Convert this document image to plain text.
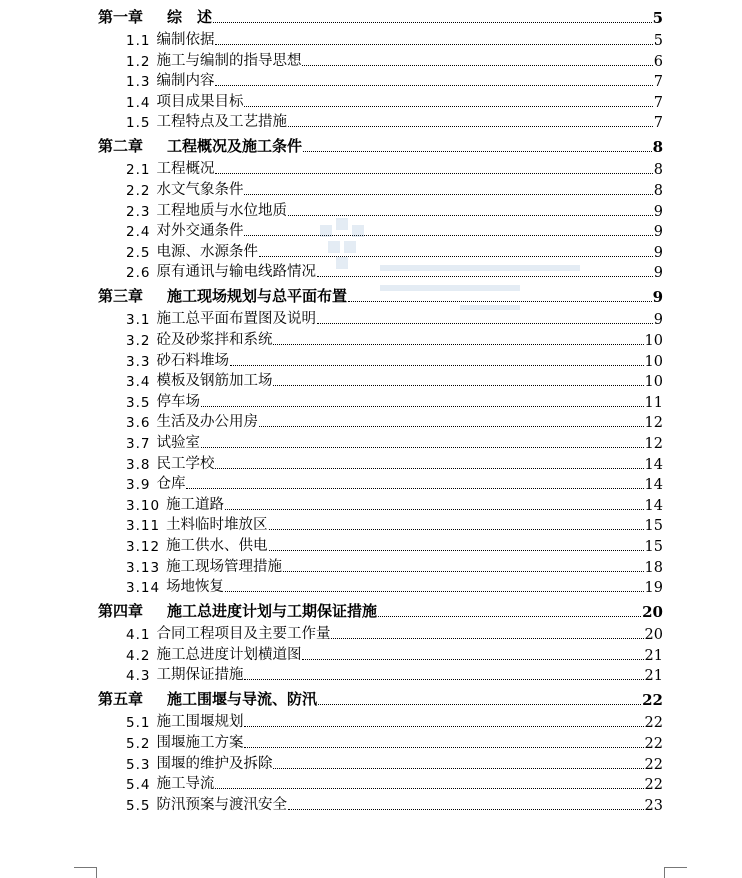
第一章 综　述	5
1.1 编制依据	5
1.2 施工与编制的指导思想	6
1.3 编制内容	7
1.4 项目成果目标	7
1.5 工程特点及工艺措施	7
第二章 工程概况及施工条件	8
2.1 工程概况	8
2.2 水文气象条件	8
2.3 工程地质与水位地质	9
2.4 对外交通条件	9
2.5 电源、水源条件	9
2.6 原有通讯与输电线路情况	9
第三章 施工现场规划与总平面布置	9
3.1 施工总平面布置图及说明	9
3.2 砼及砂浆拌和系统	10
3.3 砂石料堆场	10
3.4 模板及钢筋加工场	10
3.5 停车场	11
3.6 生活及办公用房	12
3.7 试验室	12
3.8 民工学校	14
3.9 仓库	14
3.10 施工道路	14
3.11 土料临时堆放区	15
3.12 施工供水、供电	15
3.13 施工现场管理措施	18
3.14 场地恢复	19
第四章 施工总进度计划与工期保证措施	20
4.1 合同工程项目及主要工作量	20
4.2 施工总进度计划横道图	21
4.3 工期保证措施	21
第五章 施工围堰与导流、防汛	22
5.1 施工围堰规划	22
5.2 围堰施工方案	22
5.3 围堰的维护及拆除	22
5.4 施工导流	22
5.5 防汛预案与渡汛安全	23
